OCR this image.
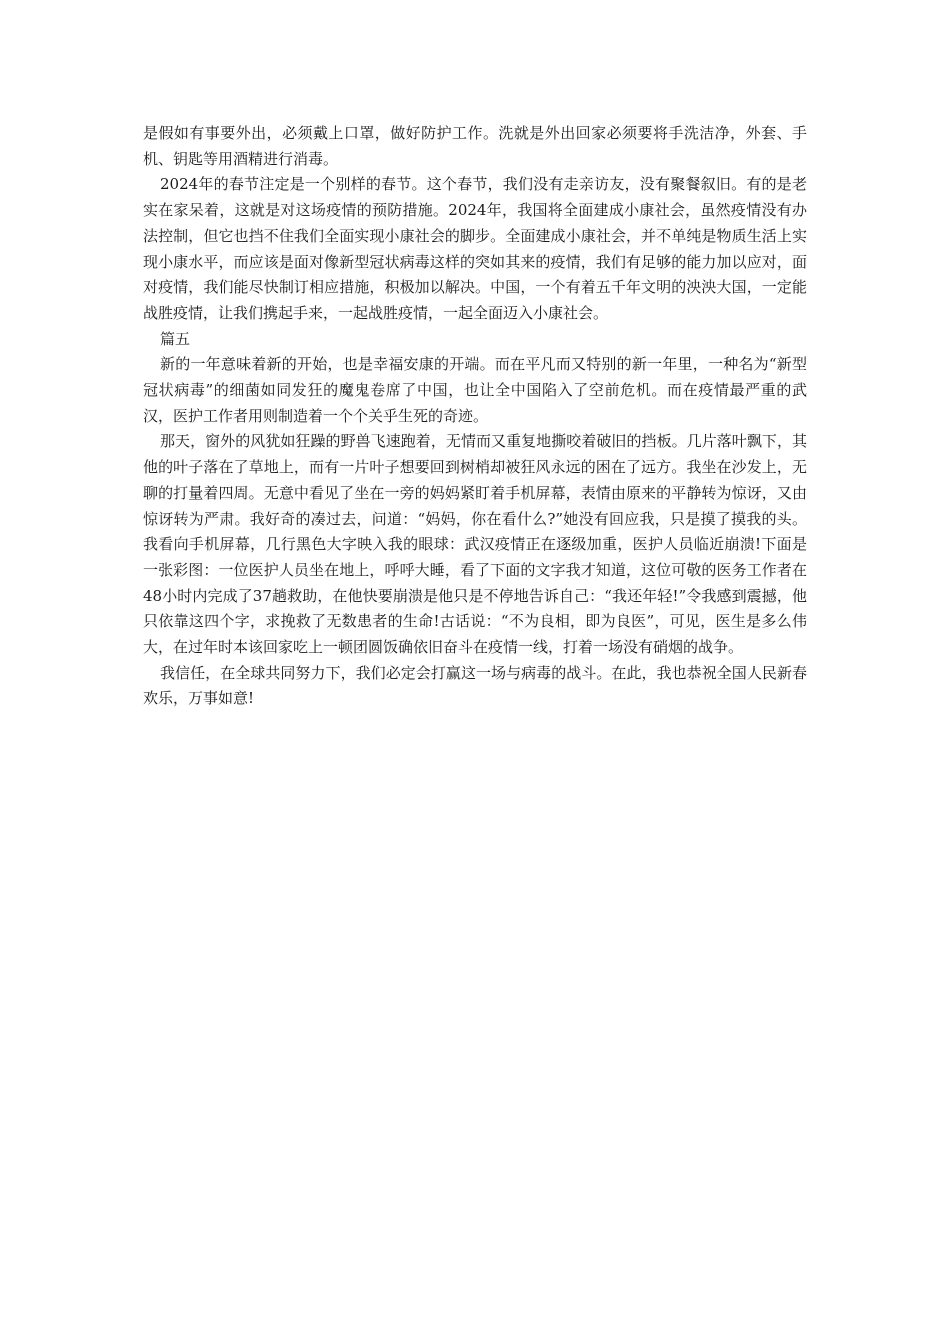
是假如有事要外出，必须戴上口罩，做好防护工作。洗就是外出回家必须要将手洗洁净，外套、手机、钥匙等用酒精进行消毒。

2024年的春节注定是一个别样的春节。这个春节，我们没有走亲访友，没有聚餐叙旧。有的是老实在家呆着，这就是对这场疫情的预防措施。2024年，我国将全面建成小康社会，虽然疫情没有办法控制，但它也挡不住我们全面实现小康社会的脚步。全面建成小康社会，并不单纯是物质生活上实现小康水平，而应该是面对像新型冠状病毒这样的突如其来的疫情，我们有足够的能力加以应对，面对疫情，我们能尽快制订相应措施，积极加以解决。中国，一个有着五千年文明的泱泱大国，一定能战胜疫情，让我们携起手来，一起战胜疫情，一起全面迈入小康社会。

篇五

新的一年意味着新的开始，也是幸福安康的开端。而在平凡而又特别的新一年里，一种名为“新型冠状病毒”的细菌如同发狂的魔鬼卷席了中国，也让全中国陷入了空前危机。而在疫情最严重的武汉，医护工作者用则制造着一个个关乎生死的奇迹。

那天，窗外的风犹如狂躁的野兽飞速跑着，无情而又重复地撕咬着破旧的挡板。几片落叶飘下，其他的叶子落在了草地上，而有一片叶子想要回到树梢却被狂风永远的困在了远方。我坐在沙发上，无聊的打量着四周。无意中看见了坐在一旁的妈妈紧盯着手机屏幕，表情由原来的平静转为惊讶，又由惊讶转为严肃。我好奇的凑过去，问道：“妈妈，你在看什么?”她没有回应我，只是摸了摸我的头。我看向手机屏幕，几行黑色大字映入我的眼球：武汉疫情正在逐级加重，医护人员临近崩溃!下面是一张彩图：一位医护人员坐在地上，呼呼大睡，看了下面的文字我才知道，这位可敬的医务工作者在48小时内完成了37趟救助，在他快要崩溃是他只是不停地告诉自己：“我还年轻!”令我感到震撼，他只依靠这四个字，求挽救了无数患者的生命!古话说：“不为良相，即为良医”，可见，医生是多么伟大，在过年时本该回家吃上一顿团圆饭确依旧奋斗在疫情一线，打着一场没有硝烟的战争。

我信任，在全球共同努力下，我们必定会打赢这一场与病毒的战斗。在此，我也恭祝全国人民新春欢乐，万事如意!
